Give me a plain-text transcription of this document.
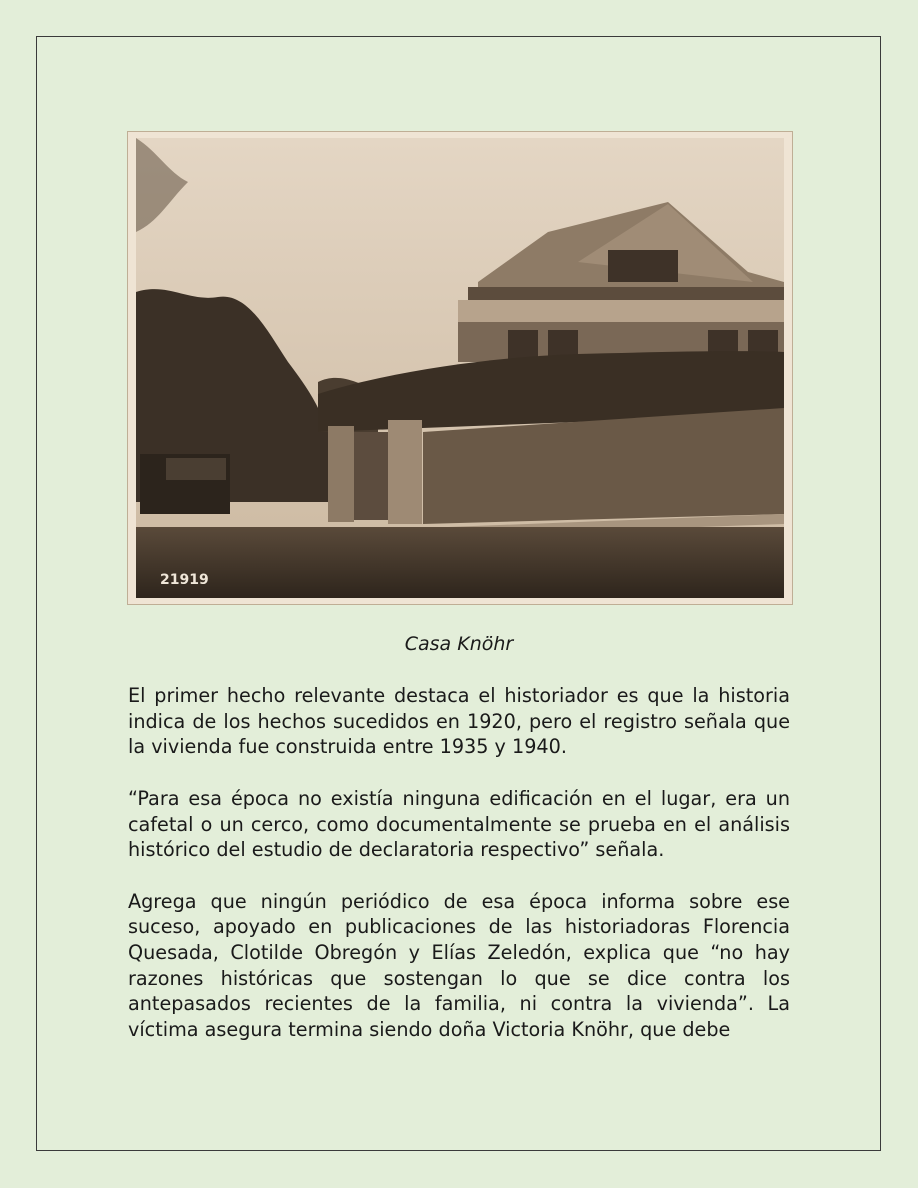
21919
Casa Knöhr

El primer hecho relevante destaca el historiador es que la historia indica de los hechos sucedidos en 1920, pero el registro señala que la vivienda fue construida entre 1935 y 1940.

“Para esa época no existía ninguna edificación en el lugar, era un cafetal o un cerco, como documentalmente se prueba en el análisis histórico del estudio de declaratoria respectivo” señala.

Agrega que ningún periódico de esa época informa sobre ese suceso, apoyado en publicaciones de las historiadoras Florencia Quesada, Clotilde Obregón y Elías Zeledón, explica que “no hay razones históricas que sostengan lo que se dice contra los antepasados recientes de la familia, ni contra la vivienda”. La víctima asegura termina siendo doña Victoria Knöhr, que debe
